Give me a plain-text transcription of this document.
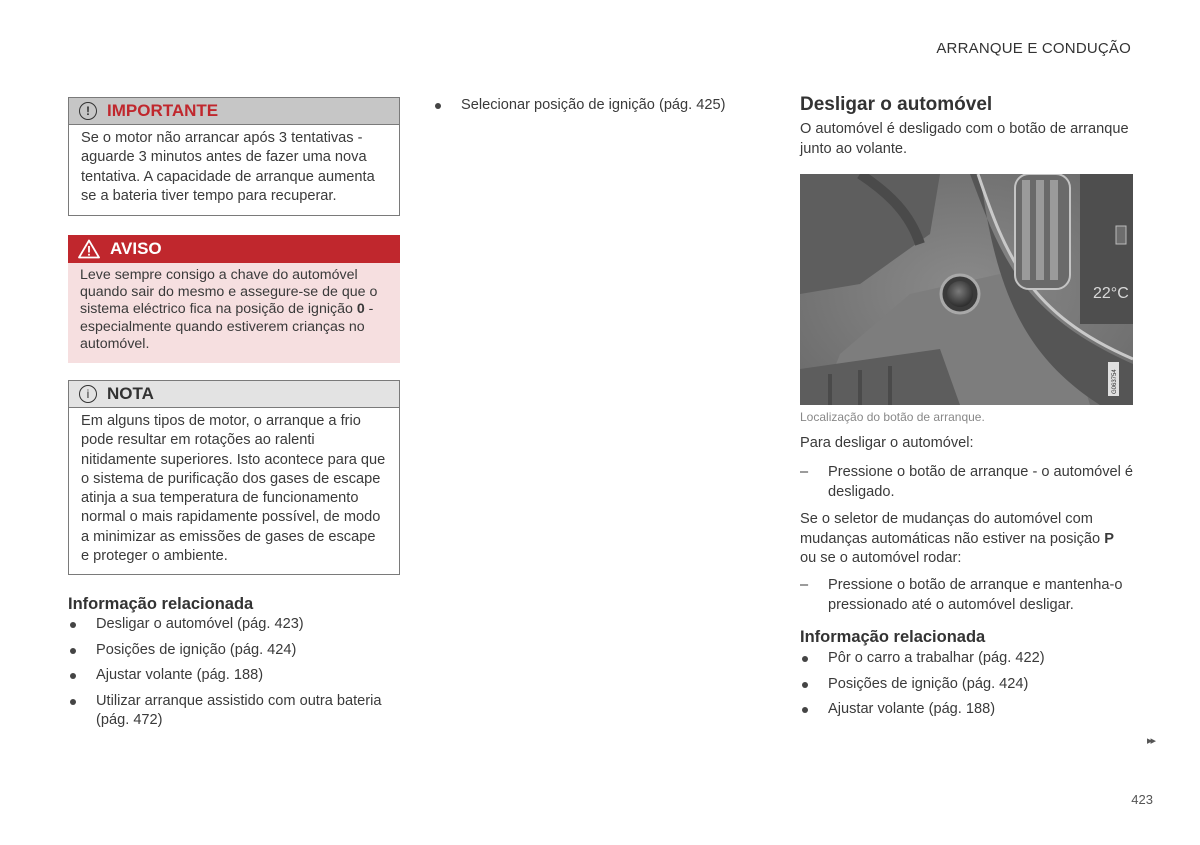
ARRANQUE E CONDUÇÃO
!	IMPORTANTE
Se o motor não arrancar após 3 tentativas - aguarde 3 minutos antes de fazer uma nova tentativa. A capacidade de arranque aumenta se a bateria tiver tempo para recuperar.
AVISO
Leve sempre consigo a chave do automóvel quando sair do mesmo e assegure-se de que o sistema eléctrico fica na posição de ignição 0 - especialmente quando estiverem crianças no automóvel.
i	NOTA
Em alguns tipos de motor, o arranque a frio pode resultar em rotações ao ralenti nitidamente superiores. Isto acontece para que o sistema de purificação dos gases de escape atinja a sua temperatura de funcionamento normal o mais rapidamente possível, de modo a minimizar as emissões de gases de escape e proteger o ambiente.
Informação relacionada
Desligar o automóvel (pág. 423)
Posições de ignição (pág. 424)
Ajustar volante (pág. 188)
Utilizar arranque assistido com outra bateria (pág. 472)
Selecionar posição de ignição (pág. 425)	Desligar o automóvel
O automóvel é desligado com o botão de arranque junto ao volante.
22°C
G063754
Localização do botão de arranque.
Para desligar o automóvel:
– Pressione o botão de arranque - o automóvel é desligado.
Se o seletor de mudanças do automóvel com mudanças automáticas não estiver na posição P ou se o automóvel rodar:
– Pressione o botão de arranque e mantenha-o pressionado até o automóvel desligar.
Informação relacionada
Pôr o carro a trabalhar (pág. 422)
Posições de ignição (pág. 424)
Ajustar volante (pág. 188)
▸▸
423
